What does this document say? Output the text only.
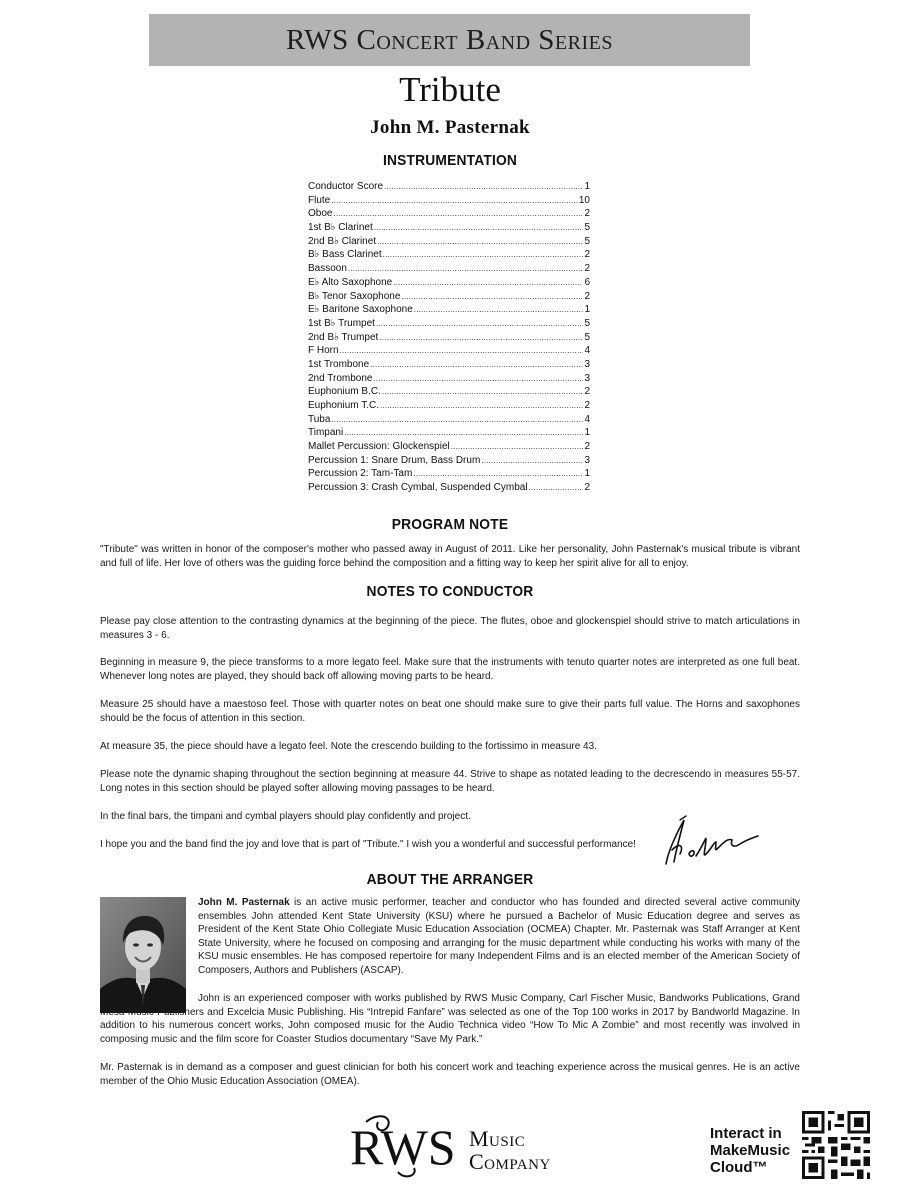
RWS Concert Band Series
Tribute
John M. Pasternak
INSTRUMENTATION
Conductor Score .....	1
Flute .....	10
Oboe .....	2
1st B♭ Clarinet .....	5
2nd B♭ Clarinet .....	5
B♭ Bass Clarinet .....	2
Bassoon .....	2
E♭ Alto Saxophone .....	6
B♭ Tenor Saxophone .....	2
E♭ Baritone Saxophone .....	1
1st B♭ Trumpet .....	5
2nd B♭ Trumpet .....	5
F Horn .....	4
1st Trombone .....	3
2nd Trombone .....	3
Euphonium B.C. .....	2
Euphonium T.C. .....	2
Tuba .....	4
Timpani .....	1
Mallet Percussion: Glockenspiel .....	2
Percussion 1: Snare Drum, Bass Drum .....	3
Percussion 2: Tam-Tam .....	1
Percussion 3: Crash Cymbal, Suspended Cymbal .....	2
PROGRAM NOTE

"Tribute" was written in honor of the composer's mother who passed away in August of 2011. Like her personality, John Pasternak's musical tribute is vibrant and full of life. Her love of others was the guiding force behind the composition and a fitting way to keep her spirit alive for all to enjoy.

NOTES TO CONDUCTOR

Please pay close attention to the contrasting dynamics at the beginning of the piece. The flutes, oboe and glockenspiel should strive to match articulations in measures 3 - 6.

Beginning in measure 9, the piece transforms to a more legato feel. Make sure that the instruments with tenuto quarter notes are interpreted as one full beat. Whenever long notes are played, they should back off allowing moving parts to be heard.

Measure 25 should have a maestoso feel. Those with quarter notes on beat one should make sure to give their parts full value. The Horns and saxophones should be the focus of attention in this section.

At measure 35, the piece should have a legato feel. Note the crescendo building to the fortissimo in measure 43.

Please note the dynamic shaping throughout the section beginning at measure 44. Strive to shape as notated leading to the decrescendo in measures 55-57. Long notes in this section should be played softer allowing moving passages to be heard.

In the final bars, the timpani and cymbal players should play confidently and project.

I hope you and the band find the joy and love that is part of "Tribute." I wish you a wonderful and successful performance!

ABOUT THE ARRANGER

John M. Pasternak is an active music performer, teacher and conductor who has founded and directed several active community ensembles John attended Kent State University (KSU) where he pursued a Bachelor of Music Education degree and serves as President of the Kent State Ohio Collegiate Music Education Association (OCMEA) Chapter. Mr. Pasternak was Staff Arranger at Kent State University, where he focused on composing and arranging for the music department while conducting his works with many of the KSU music ensembles. He has composed repertoire for many Independent Films and is an elected member of the American Society of Composers, Authors and Publishers (ASCAP).

John is an experienced composer with works published by RWS Music Company, Carl Fischer Music, Bandworks Publications, Grand Mesa Music Publishers and Excelcia Music Publishing. His “Intrepid Fanfare” was selected as one of the Top 100 works in 2017 by Bandworld Magazine. In addition to his numerous concert works, John composed music for the Audio Technica video “How To Mic A Zombie” and most recently was involved in composing music and the film score for Coaster Studios documentary “Save My Park.”

Mr. Pasternak is in demand as a composer and guest clinician for both his concert work and teaching experience across the musical genres. He is an active member of the Ohio Music Education Association (OMEA).

RWS Music
Company
Interact in
MakeMusic
Cloud™
